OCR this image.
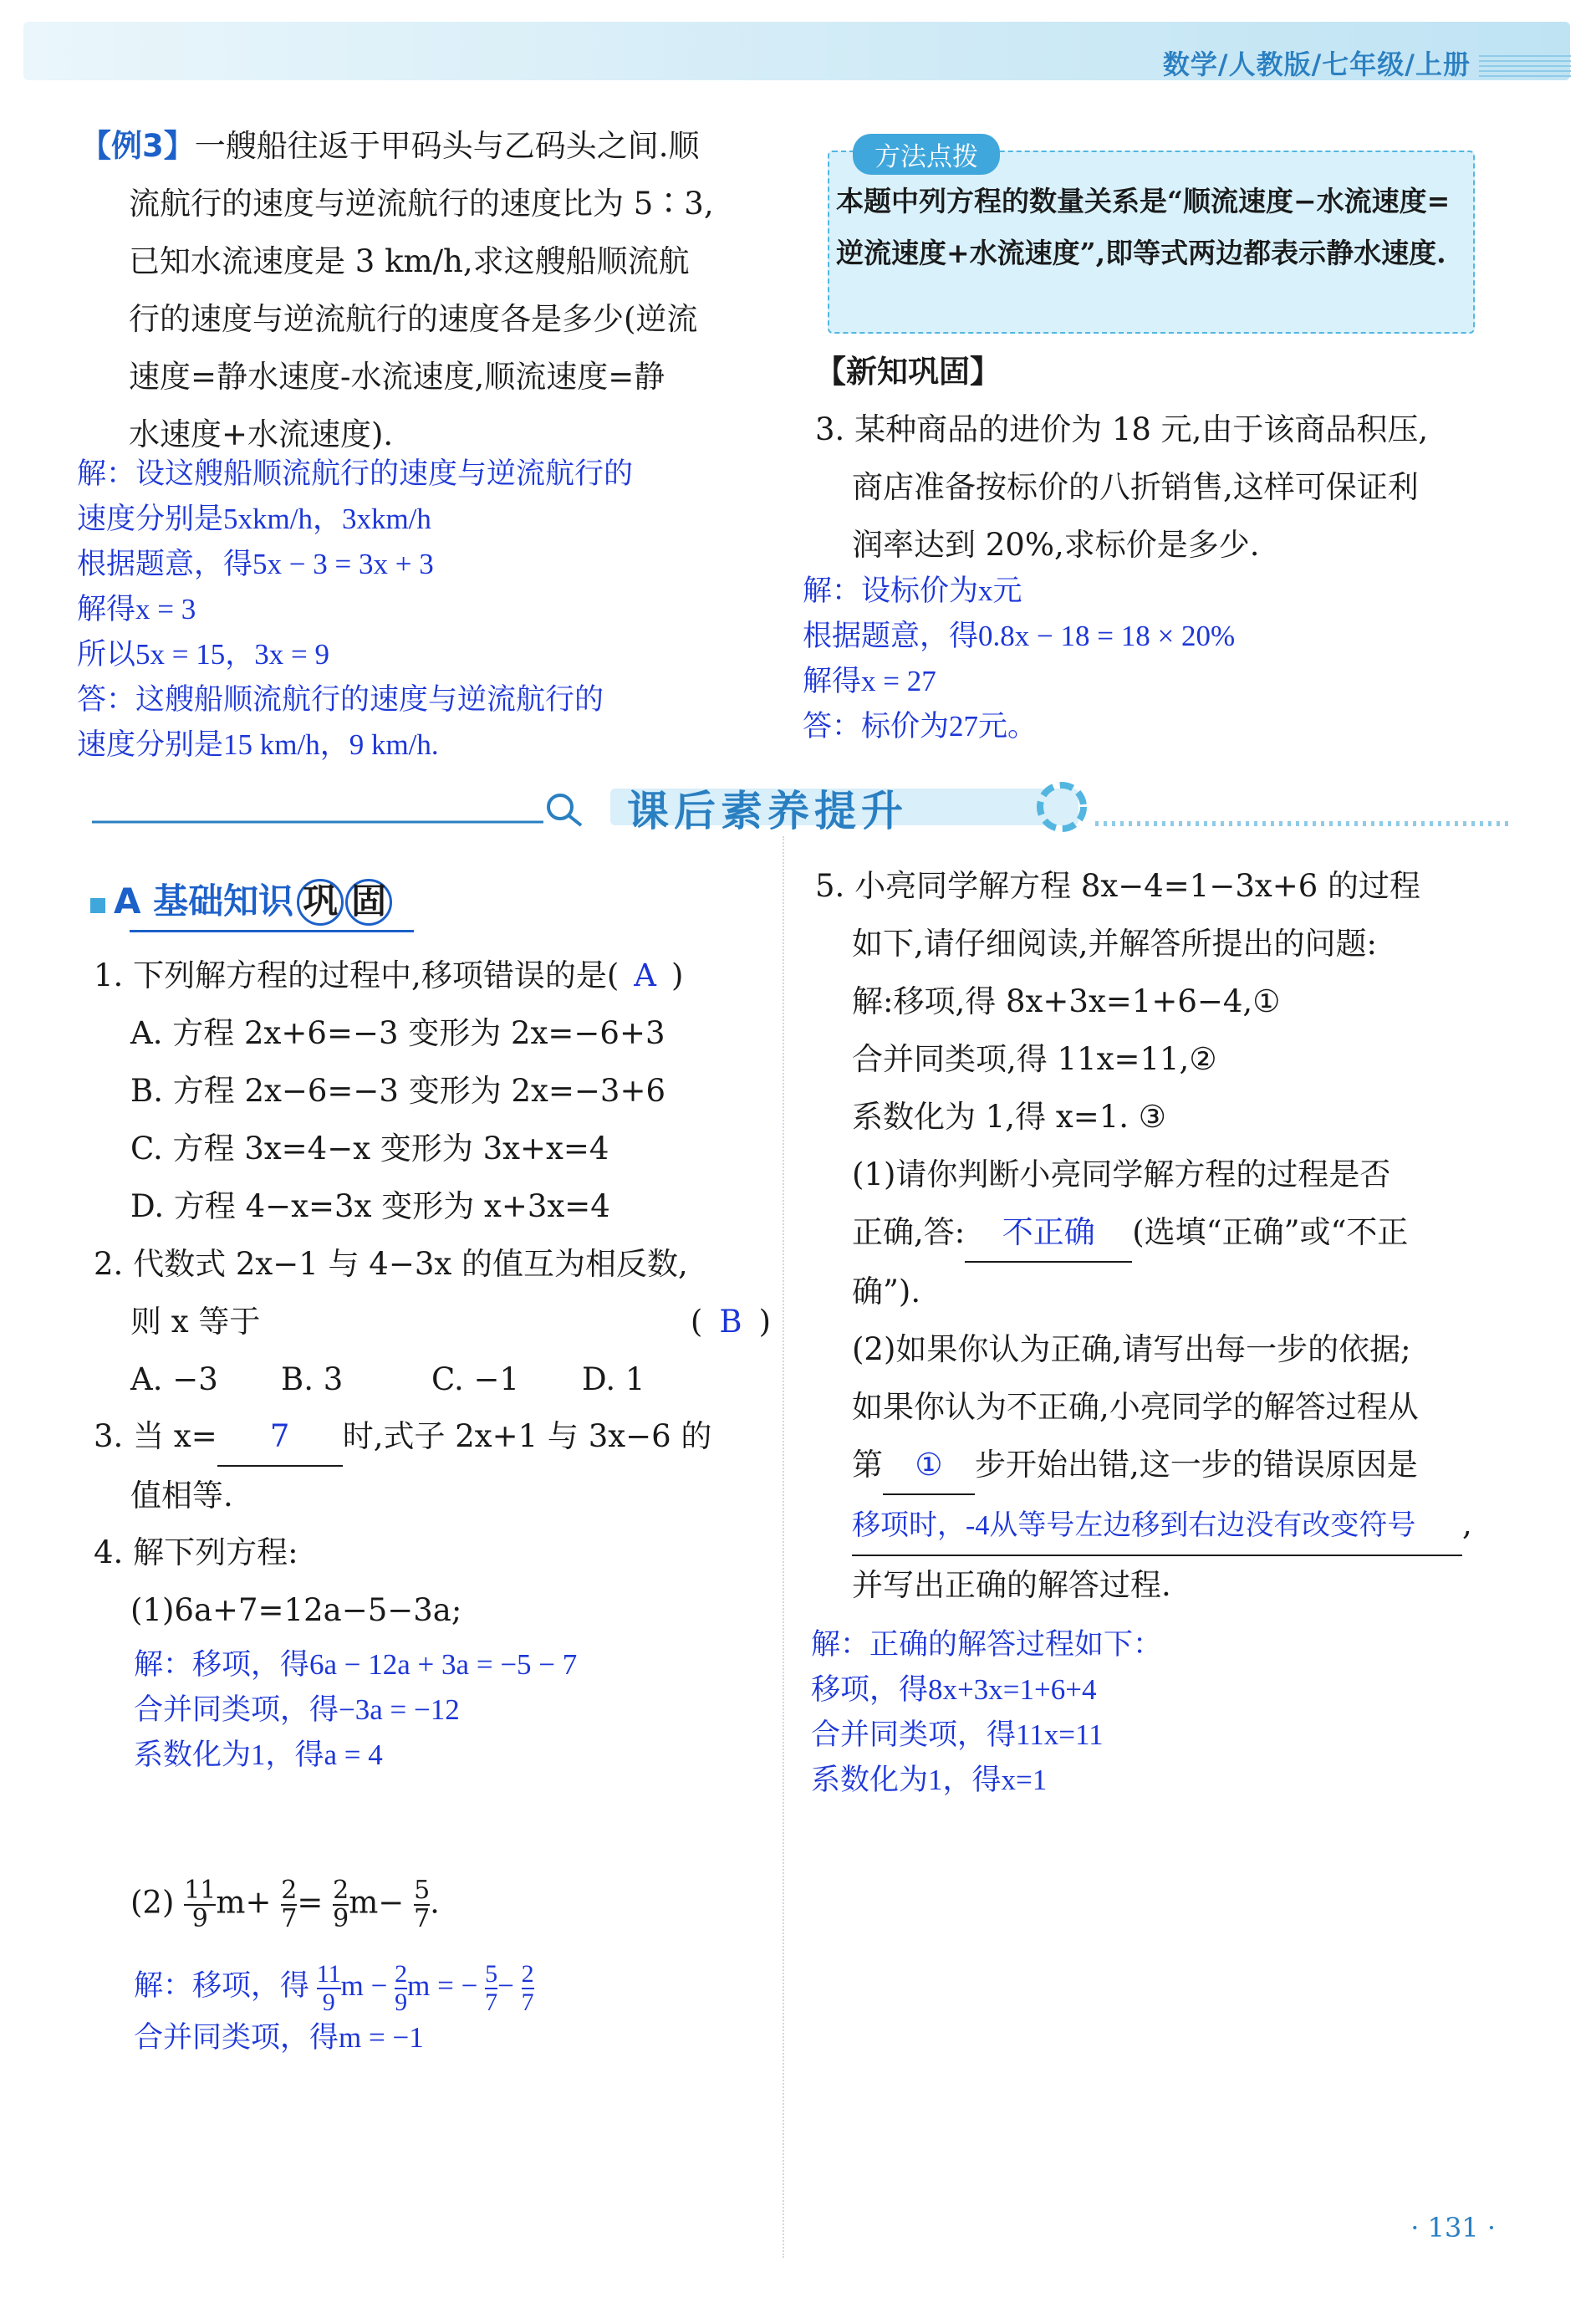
数学/人教版/七年级/上册
【例3】一艘船往返于甲码头与乙码头之间.顺
流航行的速度与逆流航行的速度比为 5∶3,
已知水流速度是 3 km/h,求这艘船顺流航
行的速度与逆流航行的速度各是多少(逆流
速度=静水速度-水流速度,顺流速度=静
水速度+水流速度).
解：设这艘船顺流航行的速度与逆流航行的
速度分别是5xkm/h，3xkm/h
根据题意，得5x − 3 = 3x + 3
解得x = 3
所以5x = 15，3x = 9
答：这艘船顺流航行的速度与逆流航行的
速度分别是15 km/h，9 km/h.
方法点拨
本题中列方程的数量关系是“顺流速度−水流速度=逆流速度+水流速度”,即等式两边都表示静水速度.
【新知巩固】
3. 某种商品的进价为 18 元,由于该商品积压,
商店准备按标价的八折销售,这样可保证利
润率达到 20%,求标价是多少.
解：设标价为x元
根据题意，得0.8x − 18 = 18 × 20%
解得x = 27
答：标价为27元。
课后素养提升
A 基础知识 巩 固
1. 下列解方程的过程中,移项错误的是( A )
A. 方程 2x+6=−3 变形为 2x=−6+3
B. 方程 2x−6=−3 变形为 2x=−3+6
C. 方程 3x=4−x 变形为 3x+x=4
D. 方程 4−x=3x 变形为 x+3x=4
2. 代数式 2x−1 与 4−3x 的值互为相反数,
则 x 等于	( B )
A. −3	B. 3	C. −1	D. 1
3. 当 x= 7 时,式子 2x+1 与 3x−6 的
值相等.
4. 解下列方程:
(1)6a+7=12a−5−3a;
解：移项，得6a − 12a + 3a = −5 − 7
合并同类项，得−3a = −12
系数化为1，得a = 4
$(2) \frac{11}{9} m+ \frac{2}{7} = \frac{2}{9} m- \frac{5}{7}$ .
解：移项，得 $\frac{11}{9}$ $m - \frac{2}{9}$ m = − $\frac{5}{7} - \frac{2}{7}$
合并同类项，得m = −1
5. 小亮同学解方程 8x−4=1−3x+6 的过程
如下,请仔细阅读,并解答所提出的问题:
解:移项,得 8x+3x=1+6−4,①
合并同类项,得 11x=11,②
系数化为 1,得 x=1. ③
(1)请你判断小亮同学解方程的过程是否
正确,答: 不正确 (选填“正确”或“不正
确”).
(2)如果你认为正确,请写出每一步的依据;
如果你认为不正确,小亮同学的解答过程从
第 ① 步开始出错,这一步的错误原因是
移项时，-4从等号左边移到右边没有改变符号 ,
并写出正确的解答过程.
解：正确的解答过程如下：
移项，得8x+3x=1+6+4
合并同类项，得11x=11
系数化为1，得x=1
· 131 ·
